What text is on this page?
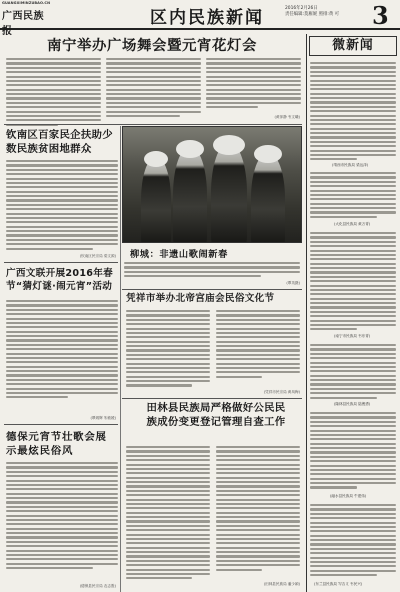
GUANGXIMINZUBAO.CN
广西民族报
区内民族新闻	2016年2月26日
责任编辑:莫雁妮 照排:黄 可	3
南宁举办广场舞会暨元宵花灯会
(黄萍静 韦文曦)
钦南区百家民企扶助少数民族贫困地群众
(钦南区民宗局 梁文源) 柳城：非遗山歌闹新春
(覃英摄)
广西文联开展2016年春节“猜灯谜·闹元宵”活动
(覃炳辉 朱敏媛)
德保元宵节壮歌会展示最炫民俗风
(德保县民宗局 农志胜)
凭祥市举办北帝宫庙会民俗文化节
(凭祥市民宗局 黄凤梅)
田林县民族局严格做好公民民族成份变更登记管理自查工作
(田林县民族局 潘少颖)
微新闻
(靖西市民族局 梁达泽)
(大化县民族局 黄万青)
(南宁市民族局 韦东青)
(隆林县民族局 陆俊勇)
(融水县民族局 牛建伟)
(东兰县民族局 岑吉义 韦民兴)
